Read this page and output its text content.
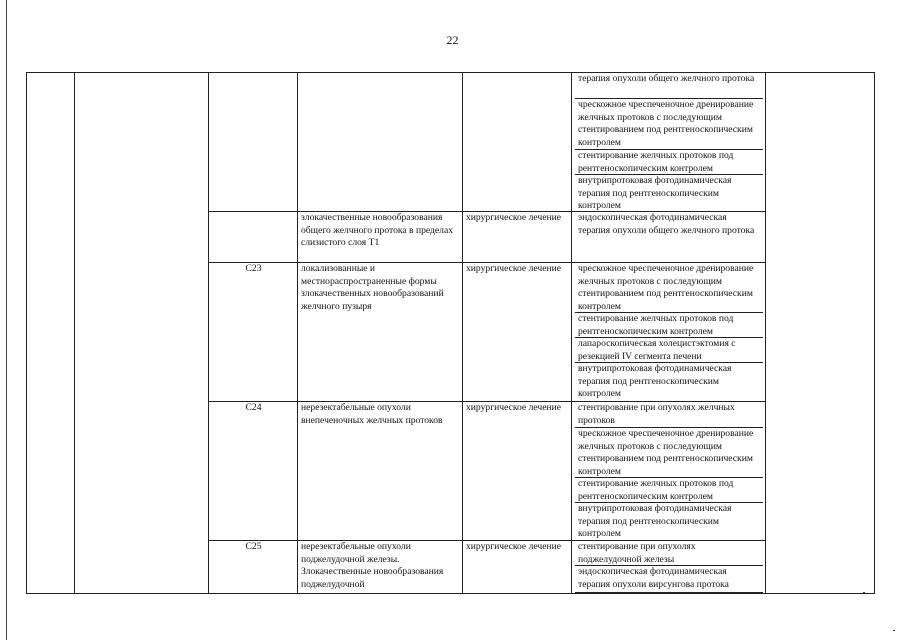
22

					терапия опухоли общего желчного протока
чрескожное чреспеченочное дренирование желчных протоков с последующим стентированием под рентгеноскопическим контролем
стентирование желчных протоков под рентгеноскопическим контролем
внутрипротоковая фотодинамическая терапия под рентгеноскопическим контролем	

			злокачественные новообразования общего желчного протока в пределах слизистого слоя T1	хирургическое лечение	эндоскопическая фотодинамическая терапия опухоли общего желчного протока	

		C23	локализованные и местнораспространенные формы злокачественных новообразований желчного пузыря	хирургическое лечение	чрескожное чреспеченочное дренирование желчных протоков с последующим стентированием под рентгеноскопическим контролем
стентирование желчных протоков под рентгеноскопическим контролем
лапароскопическая холецистэктомия с резекцией IV сегмента печени
внутрипротоковая фотодинамическая терапия под рентгеноскопическим контролем	

		C24	нерезектабельные опухоли внепеченочных желчных протоков	хирургическое лечение	стентирование при опухолях желчных протоков
чрескожное чреспеченочное дренирование желчных протоков с последующим стентированием под рентгеноскопическим контролем
стентирование желчных протоков под рентгеноскопическим контролем
внутрипротоковая фотодинамическая терапия под рентгеноскопическим контролем	

		C25	нерезектабельные опухоли поджелудочной железы. Злокачественные новообразования поджелудочной	хирургическое лечение	стентирование при опухолях поджелудочной железы
эндоскопическая фотодинамическая терапия опухоли вирсунгова протока	
